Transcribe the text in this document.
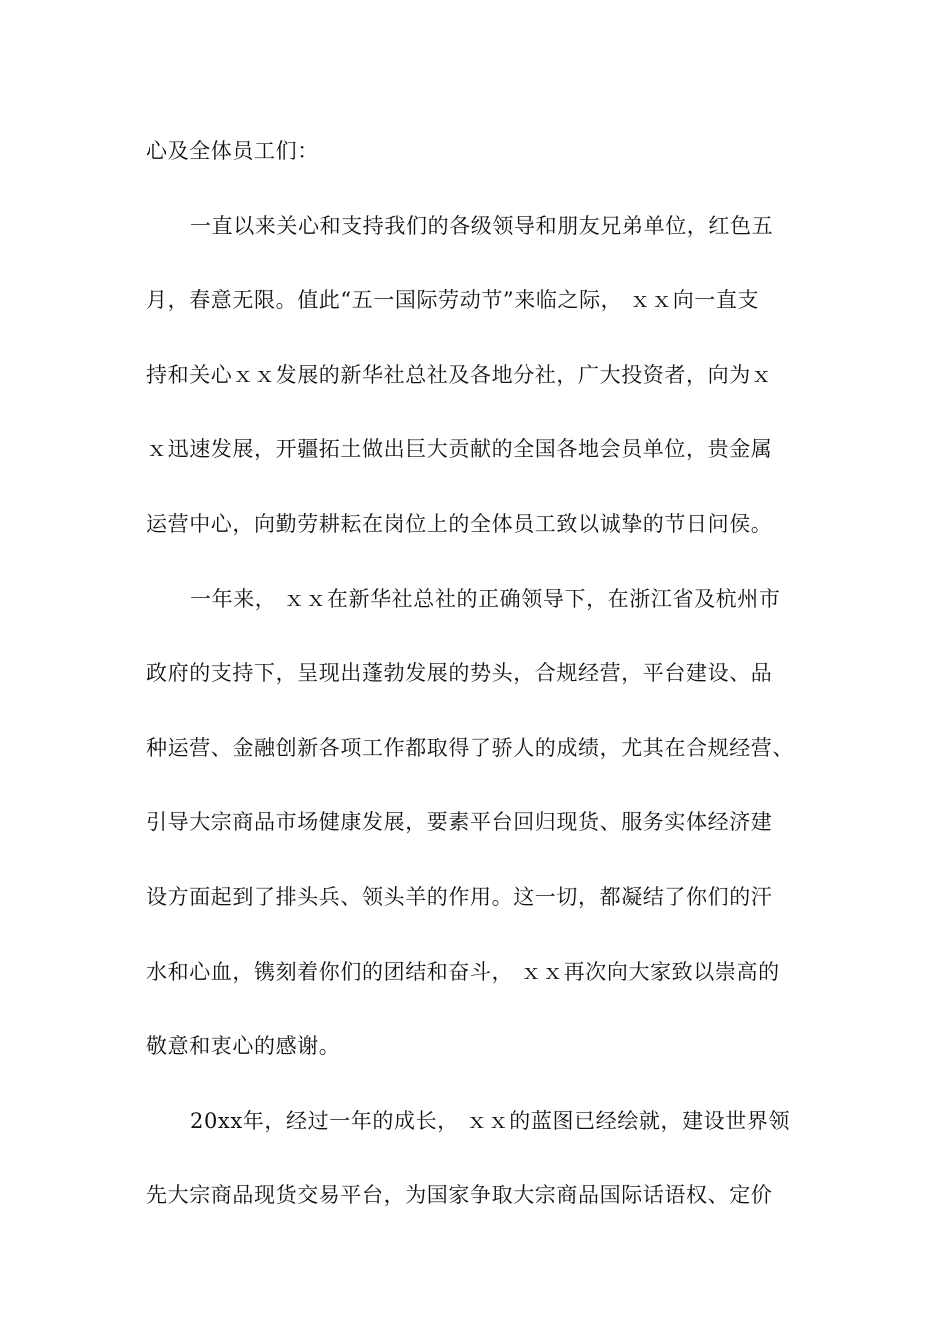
心及全体员工们：
一直以来关心和支持我们的各级领导和朋友兄弟单位，红色五
月，春意无限。值此“五一国际劳动节”来临之际， ｘｘ向一直支
持和关心ｘｘ发展的新华社总社及各地分社，广大投资者，向为ｘ
ｘ迅速发展，开疆拓土做出巨大贡献的全国各地会员单位，贵金属
运营中心，向勤劳耕耘在岗位上的全体员工致以诚挚的节日问侯。
一年来， ｘｘ在新华社总社的正确领导下，在浙江省及杭州市
政府的支持下，呈现出蓬勃发展的势头，合规经营，平台建设、品
种运营、金融创新各项工作都取得了骄人的成绩，尤其在合规经营、
引导大宗商品市场健康发展，要素平台回归现货、服务实体经济建
设方面起到了排头兵、领头羊的作用。这一切，都凝结了你们的汗
水和心血，镌刻着你们的团结和奋斗， ｘｘ再次向大家致以崇高的
敬意和衷心的感谢。
20xx年，经过一年的成长， ｘｘ的蓝图已经绘就，建设世界领
先大宗商品现货交易平台，为国家争取大宗商品国际话语权、定价
